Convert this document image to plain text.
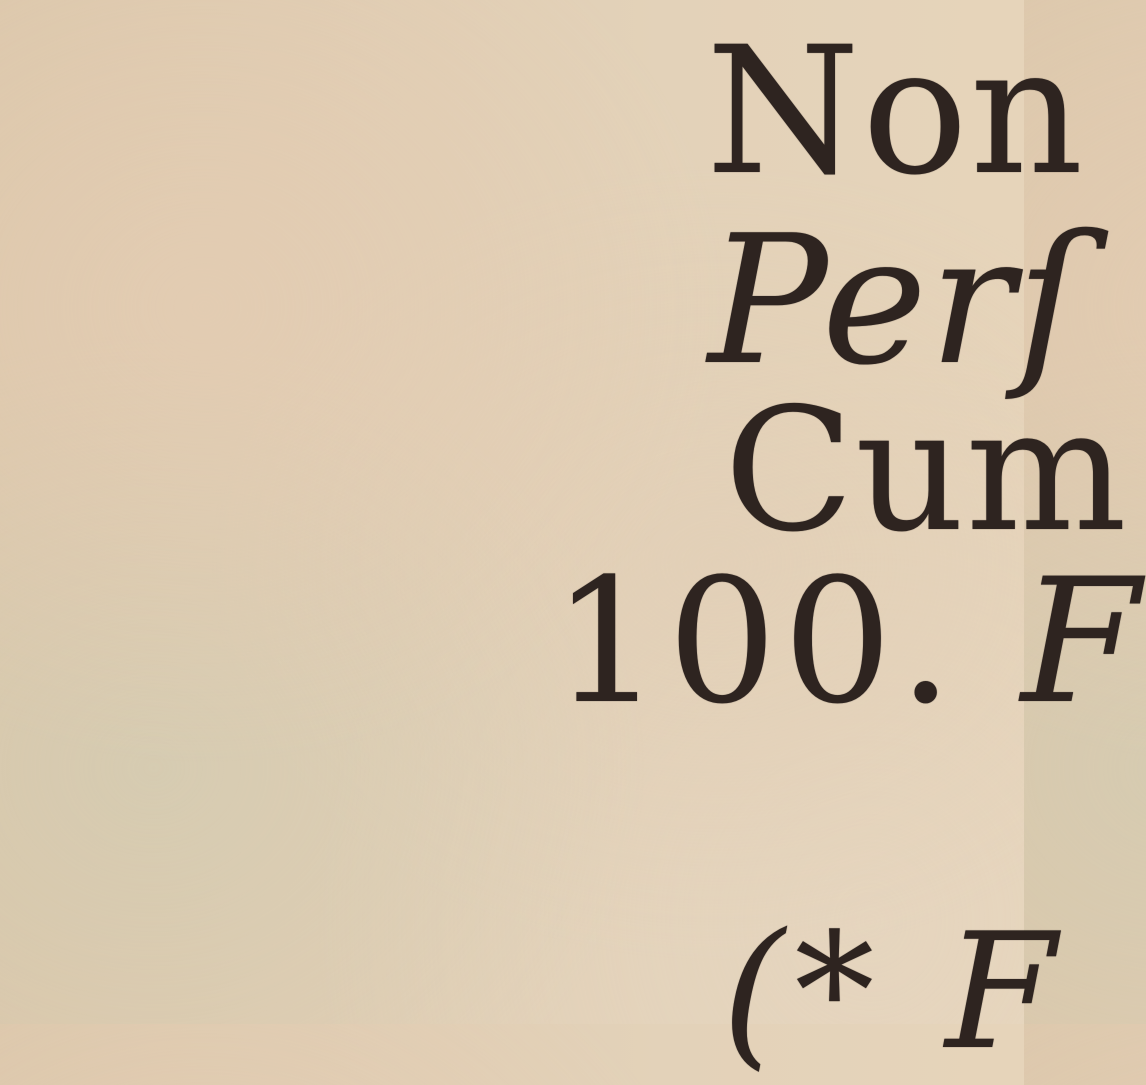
Non
Perſ
Cum
100. F
(* F
